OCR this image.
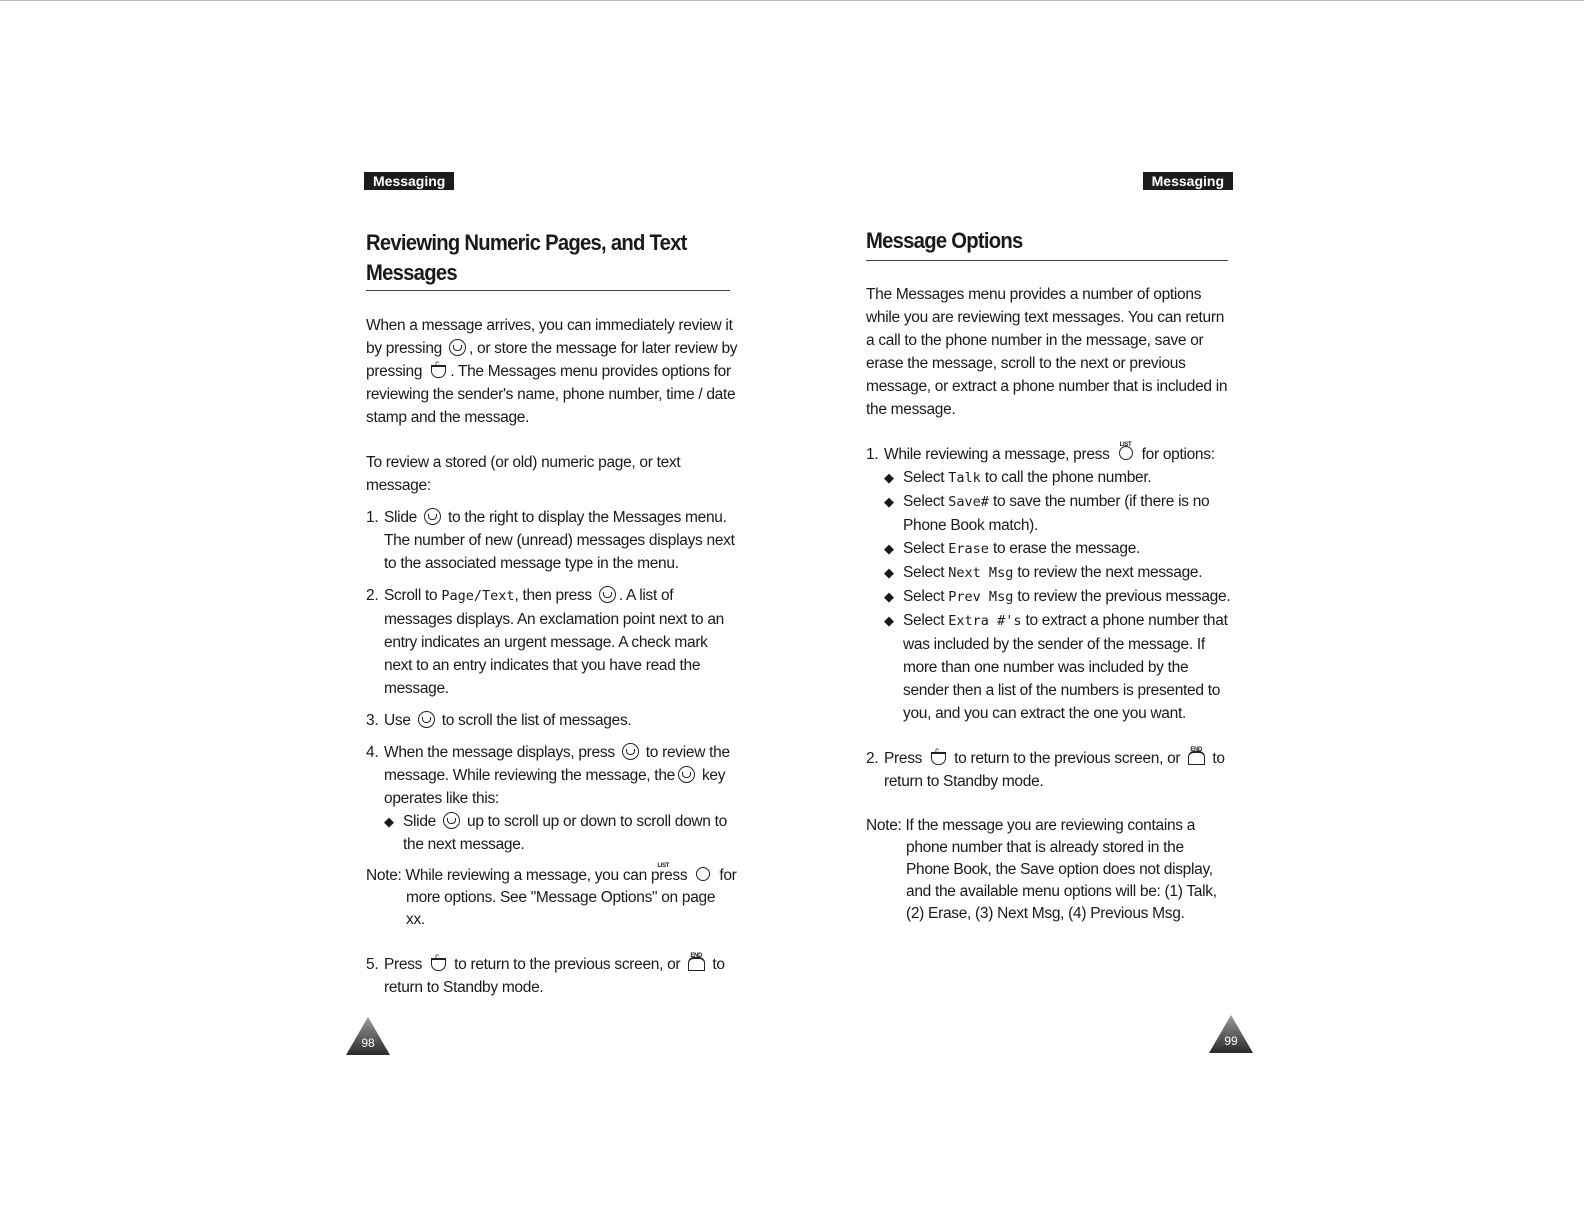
Messaging
Reviewing Numeric Pages, and Text Messages

When a message arrives, you can immediately review it by pressing , or store the message for later review by pressing c . The Messages menu provides options for reviewing the sender's name, phone number, time / date stamp and the message.

To review a stored (or old) numeric page, or text message:

1. Slide to the right to display the Messages menu. The number of new (unread) messages displays next to the associated message type in the menu.

2. Scroll to Page/Text, then press . A list of messages displays. An exclamation point next to an entry indicates an urgent message. A check mark next to an entry indicates that you have read the message.

3. Use to scroll the list of messages.

4. When the message displays, press to review the message. While reviewing the message, the key operates like this:

◆ Slide up to scroll up or down to scroll down to the next message.

Note: While reviewing a message, you can press LIST for more options. See "Message Options" on page xx.

5. Press c to return to the previous screen, or END to return to Standby mode.

98
Messaging
Message Options

The Messages menu provides a number of options while you are reviewing text messages. You can return a call to the phone number in the message, save or erase the message, scroll to the next or previous message, or extract a phone number that is included in the message.

1. While reviewing a message, press LIST for options:

◆ Select Talk to call the phone number.

◆ Select Save# to save the number (if there is no Phone Book match).

◆ Select Erase to erase the message.

◆ Select Next Msg to review the next message.

◆ Select Prev Msg to review the previous message.

◆ Select Extra #'s to extract a phone number that was included by the sender of the message. If more than one number was included by the sender then a list of the numbers is presented to you, and you can extract the one you want.

2. Press c to return to the previous screen, or END to return to Standby mode.

Note: If the message you are reviewing contains a phone number that is already stored in the Phone Book, the Save option does not display, and the available menu options will be: (1) Talk, (2) Erase, (3) Next Msg, (4) Previous Msg.

99
